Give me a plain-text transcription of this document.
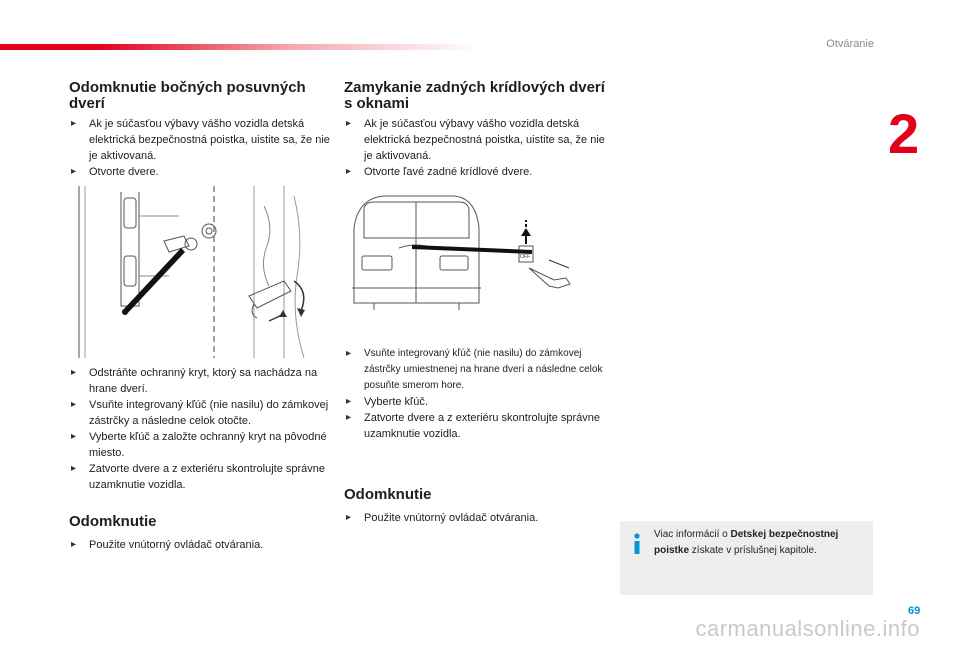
Otváranie
2
Odomknutie bočných posuvných dverí
▸ Ak je súčasťou výbavy vášho vozidla detská elektrická bezpečnostná poistka, uistite sa, že nie je aktivovaná.
▸ Otvorte dvere.
▸ Odstráňte ochranný kryt, ktorý sa nachádza na hrane dverí.
▸ Vsuňte integrovaný kľúč (nie nasilu) do zámkovej zástrčky a následne celok otočte.
▸ Vyberte kľúč a založte ochranný kryt na pôvodné miesto.
▸ Zatvorte dvere a z exteriéru skontrolujte správne uzamknutie vozidla.
Odomknutie
▸ Použite vnútorný ovládač otvárania.
Zamykanie zadných krídlových dverí s oknami
▸ Ak je súčasťou výbavy vášho vozidla detská elektrická bezpečnostná poistka, uistite sa, že nie je aktivovaná.
▸ Otvorte ľavé zadné krídlové dvere.
OFF
▸ Vsuňte integrovaný kľúč (nie nasilu) do zámkovej zástrčky umiestnenej na hrane dverí a následne celok posuňte smerom hore.
▸ Vyberte kľúč.
▸ Zatvorte dvere a z exteriéru skontrolujte správne uzamknutie vozidla.
Odomknutie
▸ Použite vnútorný ovládač otvárania.
Viac informácií o Detskej bezpečnostnej poistke získate v príslušnej kapitole.
69
carmanualsonline.info
